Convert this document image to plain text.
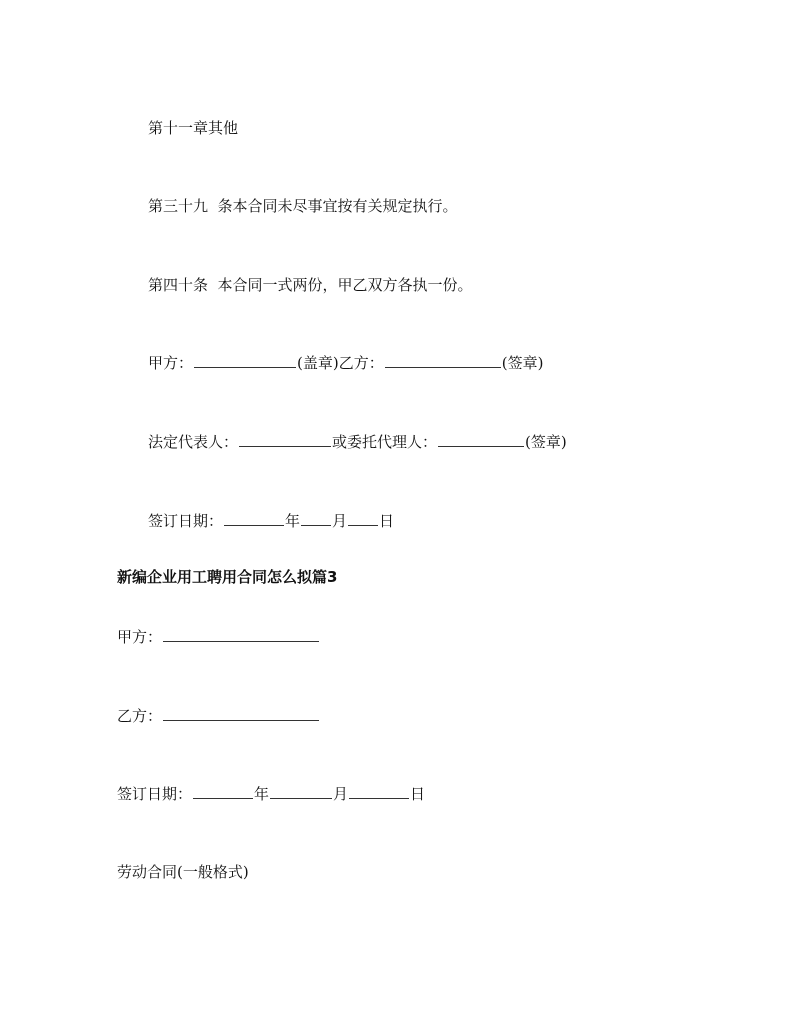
第十一章其他

第三十九  条本合同未尽事宜按有关规定执行。

第四十条  本合同一式两份，甲乙双方各执一份。

甲方：	(盖章)乙方：	(签章)

法定代表人：	或委托代理人：	(签章)

签订日期：	年 月 日

新编企业用工聘用合同怎么拟篇3

甲方：

乙方：

签订日期：	年	月	日

劳动合同(一般格式)
